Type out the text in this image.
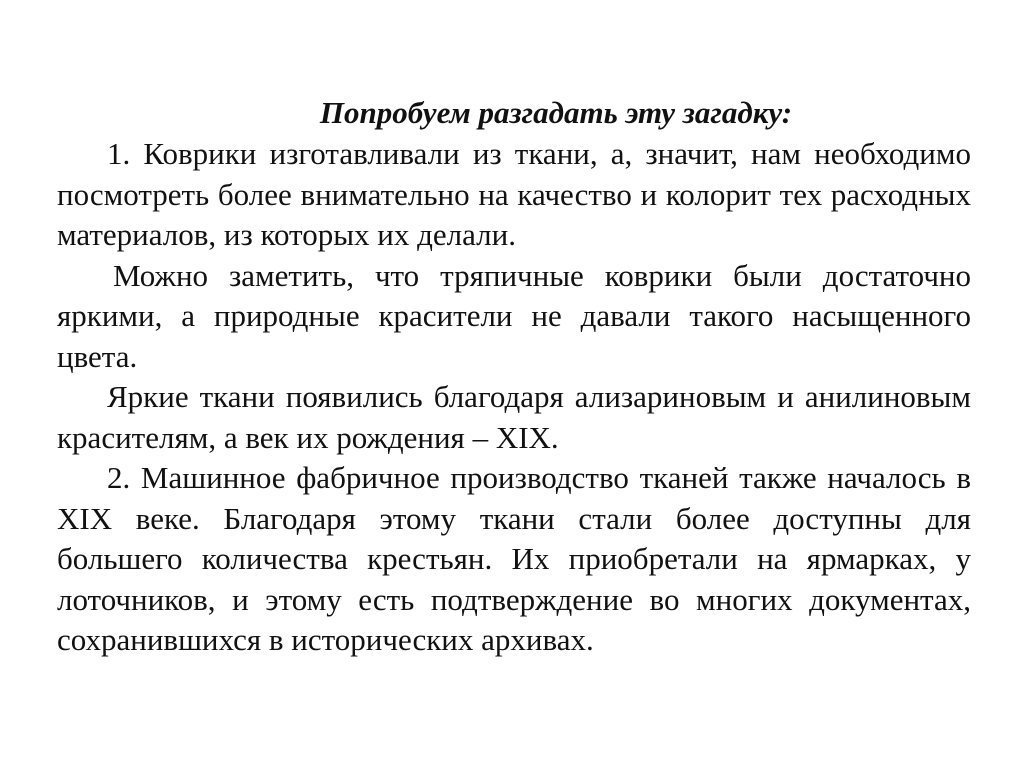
Попробуем разгадать эту загадку:

1. Коврики изготавливали из ткани, а, значит, нам необходимо посмотреть более внимательно на качество и колорит тех расходных материалов, из которых их делали.

Можно заметить, что тряпичные коврики были достаточно яркими, а природные красители не давали такого насыщенного цвета.

Яркие ткани появились благодаря ализариновым и анилиновым красителям, а век их рождения – XIX.

2. Машинное фабричное производство тканей также началось в XIX веке. Благодаря этому ткани стали более доступны для большего количества крестьян. Их приобретали на ярмарках, у лоточников, и этому есть подтверждение во многих документах, сохранившихся в исторических архивах.
